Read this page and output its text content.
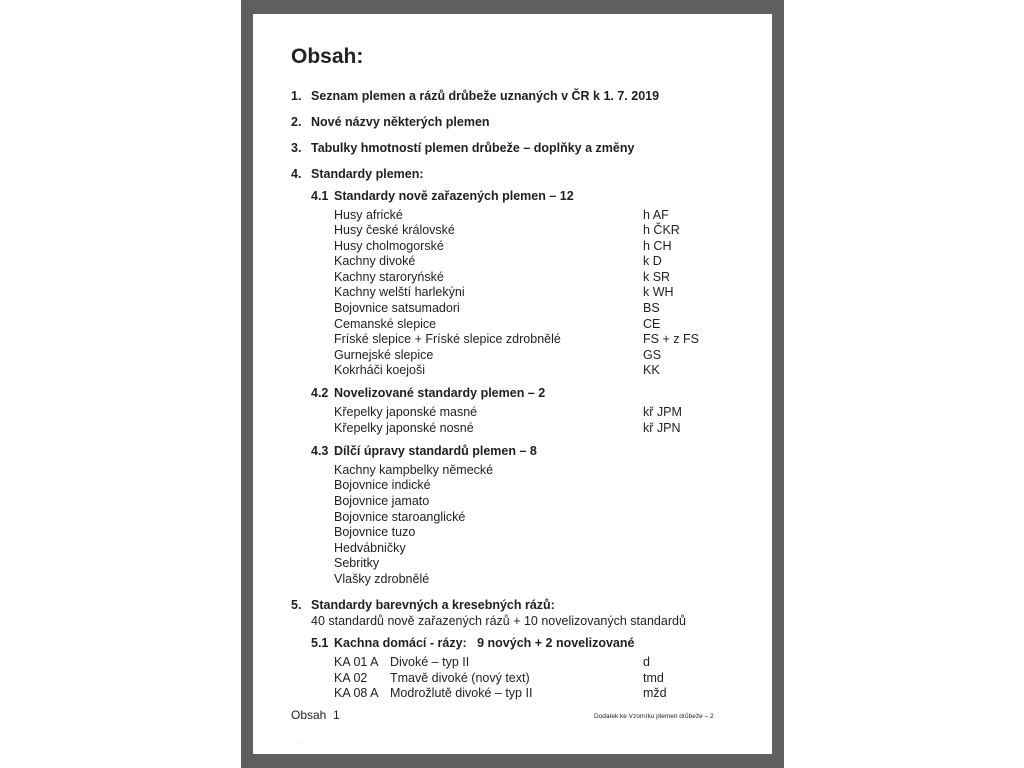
Obsah:
1. Seznam plemen a rázů drůbeže uznaných v ČR k 1. 7. 2019
2. Nové názvy některých plemen
3. Tabulky hmotností plemen drůbeže – doplňky a změny
4. Standardy plemen:
4.1 Standardy nově zařazených plemen – 12
Husy africké	h AF
Husy české královské	h ČKR
Husy cholmogorské	h CH
Kachny divoké	k D
Kachny staroryńské	k SR
Kachny welští harlekýni	k WH
Bojovnice satsumadori	BS
Cemanské slepice	CE
Fríské slepice + Fríské slepice zdrobnělé	FS + z FS
Gurnejské slepice	GS
Kokrháči koejoši	KK
4.2 Novelizované standardy plemen – 2
Křepelky japonské masné	kř JPM
Křepelky japonské nosné	kř JPN
4.3 Dílčí úpravy standardů plemen – 8
Kachny kampbelky německé
Bojovnice indické
Bojovnice jamato
Bojovnice staroanglické
Bojovnice tuzo
Hedvábničky
Sebritky
Vlašky zdrobnělé
5. Standardy barevných a kresebných rázů:
40 standardů nově zařazených rázů + 10 novelizovaných standardů
5.1 Kachna domácí - rázy:   9 nových + 2 novelizované
KA 01 A Divoké – typ II	d
KA 02 Tmavě divoké (nový text)	tmd
KA 08 A Modrožlutě divoké – typ II	mžd
Obsah  1	Dodatek ke Vzorníku plemen drůbeže – 2
· · ·
